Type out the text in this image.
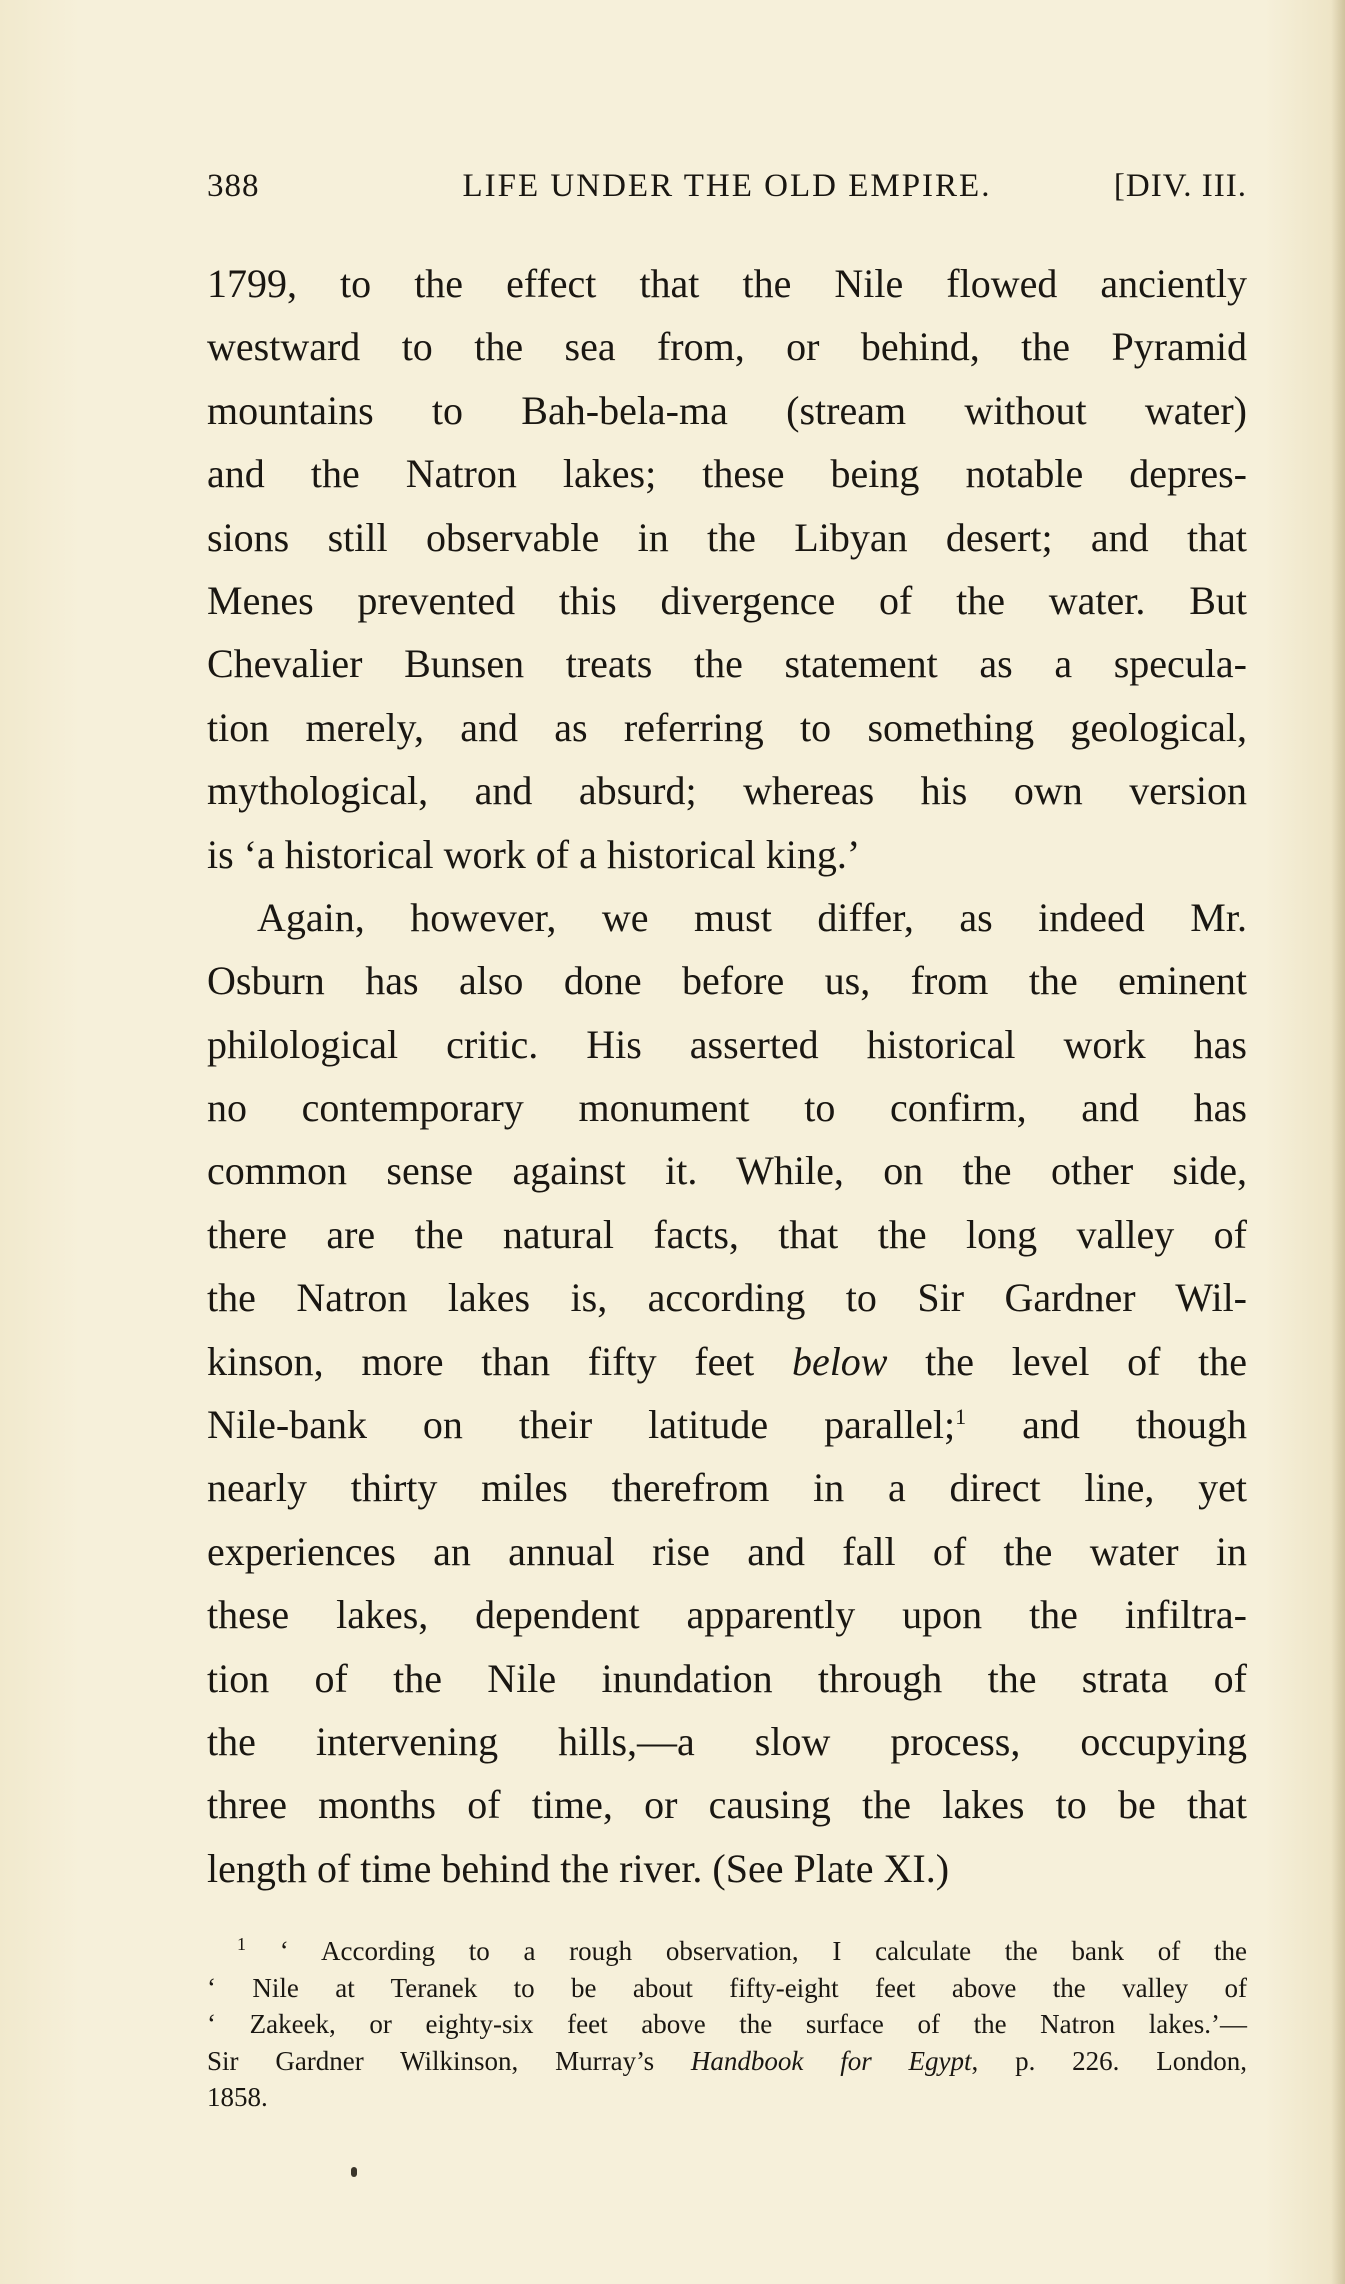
LIFE UNDER THE OLD EMPIRE.
388	[DIV. III.
1799, to the effect that the Nile flowed anciently
westward to the sea from, or behind, the Pyramid
mountains to Bah-bela-ma (stream without water)
and the Natron lakes; these being notable depres-
sions still observable in the Libyan desert; and that
Menes prevented this divergence of the water. But
Chevalier Bunsen treats the statement as a specula-
tion merely, and as referring to something geological,
mythological, and absurd; whereas his own version
is ‘a historical work of a historical king.’
Again, however, we must differ, as indeed Mr.
Osburn has also done before us, from the eminent
philological critic. His asserted historical work has
no contemporary monument to confirm, and has
common sense against it. While, on the other side,
there are the natural facts, that the long valley of
the Natron lakes is, according to Sir Gardner Wil-
kinson, more than fifty feet below the level of the
Nile-bank on their latitude parallel;$^1$ and though
nearly thirty miles therefrom in a direct line, yet
experiences an annual rise and fall of the water in
these lakes, dependent apparently upon the infiltra-
tion of the Nile inundation through the strata of
the intervening hills,—a slow process, occupying
three months of time, or causing the lakes to be that
length of time behind the river. (See Plate XI.)
$^1$ ‘ According to a rough observation, I calculate the bank of the
‘ Nile at Teranek to be about fifty-eight feet above the valley of
‘ Zakeek, or eighty-six feet above the surface of the Natron lakes.’—
Sir Gardner Wilkinson, Murray’s Handbook for Egypt, p. 226. London,
1858.
